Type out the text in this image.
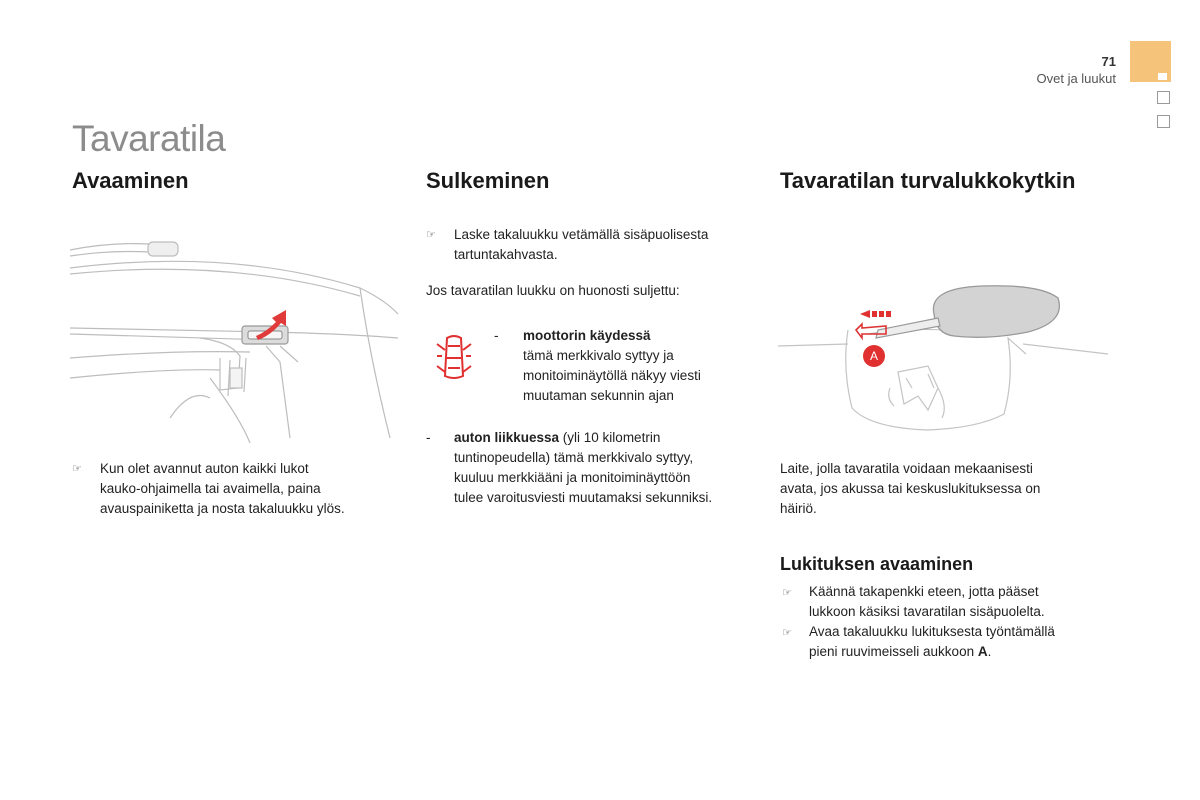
71
Ovet ja luukut
Tavaratila
Avaaminen
☞ Kun olet avannut auton kaikki lukot
kauko-ohjaimella tai avaimella, paina
avauspainiketta ja nosta takaluukku ylös.
Sulkeminen
☞ Laske takaluukku vetämällä sisäpuolisesta
tartuntakahvasta.
Jos tavaratilan luukku on huonosti suljettu:
- moottorin käydessä
tämä merkkivalo syttyy ja
monitoiminäytöllä näkyy viesti
muutaman sekunnin ajan
- auton liikkuessa (yli 10 kilometrin
tuntinopeudella) tämä merkkivalo syttyy,
kuuluu merkkiääni ja monitoiminäyttöön
tulee varoitusviesti muutamaksi sekunniksi.
Tavaratilan turvalukkokytkin
A
Laite, jolla tavaratila voidaan mekaanisesti
avata, jos akussa tai keskuslukituksessa on
häiriö.
Lukituksen avaaminen
☞ Käännä takapenkki eteen, jotta pääset
lukkoon käsiksi tavaratilan sisäpuolelta.
☞ Avaa takaluukku lukituksesta työntämällä
pieni ruuvimeisseli aukkoon A.
